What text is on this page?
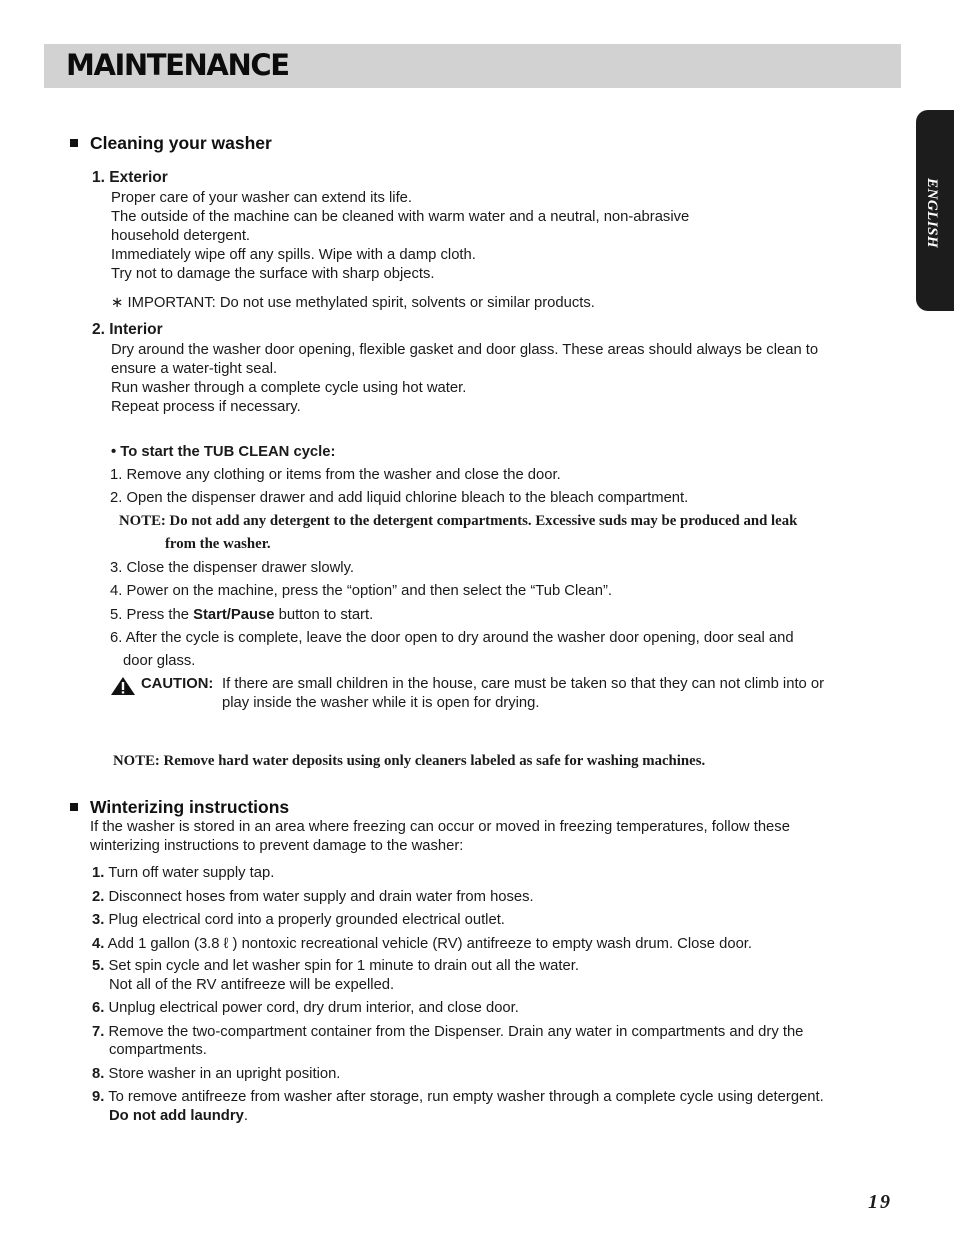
MAINTENANCE
ENGLISH
Cleaning your washer
1. Exterior
Proper care of your washer can extend its life.
The outside of the machine can be cleaned with warm water and a neutral, non-abrasive
household detergent.
Immediately wipe off any spills. Wipe with a damp cloth.
Try not to damage the surface with sharp objects.
∗ IMPORTANT: Do not use methylated spirit, solvents or similar products.
2. Interior
Dry around the washer door opening, flexible gasket and door glass. These areas should always be clean to
ensure a water-tight seal.
Run washer through a complete cycle using hot water.
Repeat process if necessary.
• To start the TUB CLEAN cycle:
1. Remove any clothing or items from the washer and close the door.
2. Open the dispenser drawer and add liquid chlorine bleach to the bleach compartment.
NOTE: Do not add any detergent to the detergent compartments. Excessive suds may be produced and leak
from the washer.
3. Close the dispenser drawer slowly.
4. Power on the machine, press the “option” and then select the “Tub Clean”.
5. Press the Start/Pause button to start.
6. After the cycle is complete, leave the door open to dry around the washer door opening, door seal and
door glass.
CAUTION: If there are small children in the house, care must be taken so that they can not climb into or
play inside the washer while it is open for drying.
NOTE: Remove hard water deposits using only cleaners labeled as safe for washing machines.
Winterizing instructions
If the washer is stored in an area where freezing can occur or moved in freezing temperatures, follow these
winterizing instructions to prevent damage to the washer:
1. Turn off water supply tap.
2. Disconnect hoses from water supply and drain water from hoses.
3. Plug electrical cord into a properly grounded electrical outlet.
4. Add 1 gallon (3.8 ℓ ) nontoxic recreational vehicle (RV) antifreeze to empty wash drum. Close door.
5. Set spin cycle and let washer spin for 1 minute to drain out all the water.
Not all of the RV antifreeze will be expelled.
6. Unplug electrical power cord, dry drum interior, and close door.
7. Remove the two-compartment container from the Dispenser. Drain any water in compartments and dry the
compartments.
8. Store washer in an upright position.
9. To remove antifreeze from washer after storage, run empty washer through a complete cycle using detergent.
Do not add laundry.
19
